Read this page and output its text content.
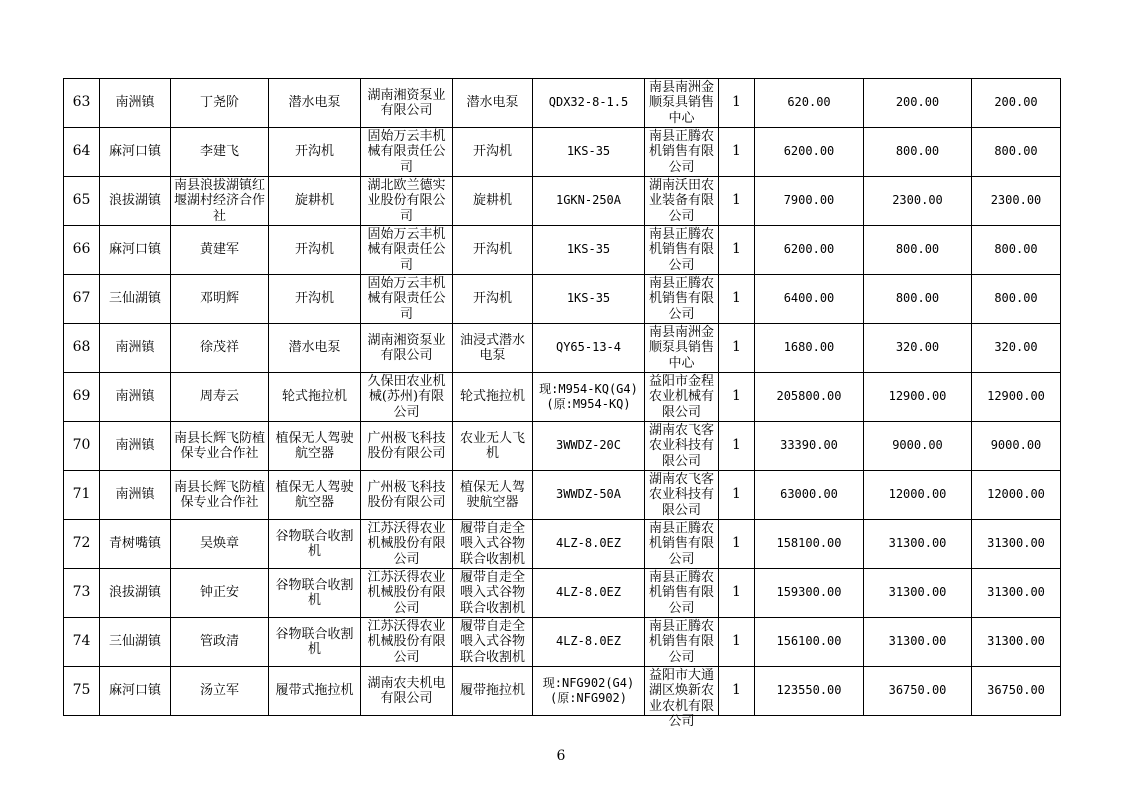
63	南洲镇	丁尧阶	潜水电泵	湖南湘资泵业有限公司	潜水电泵	QDX32-8-1.5	南县南洲金顺泵具销售中心	1	620.00	200.00	200.00

64	麻河口镇	李建飞	开沟机	固始万云丰机械有限责任公司	开沟机	1KS-35	南县正腾农机销售有限公司	1	6200.00	800.00	800.00

65	浪拔湖镇	南县浪拔湖镇红堰湖村经济合作社	旋耕机	湖北欧兰德实业股份有限公司	旋耕机	1GKN-250A	湖南沃田农业装备有限公司	1	7900.00	2300.00	2300.00

66	麻河口镇	黄建军	开沟机	固始万云丰机械有限责任公司	开沟机	1KS-35	南县正腾农机销售有限公司	1	6200.00	800.00	800.00

67	三仙湖镇	邓明辉	开沟机	固始万云丰机械有限责任公司	开沟机	1KS-35	南县正腾农机销售有限公司	1	6400.00	800.00	800.00

68	南洲镇	徐茂祥	潜水电泵	湖南湘资泵业有限公司	油浸式潜水电泵	QY65-13-4	南县南洲金顺泵具销售中心	1	1680.00	320.00	320.00

69	南洲镇	周寿云	轮式拖拉机	久保田农业机械(苏州)有限公司	轮式拖拉机	现:M954-KQ(G4)(原:M954-KQ)	益阳市金程农业机械有限公司	1	205800.00	12900.00	12900.00

70	南洲镇	南县长辉飞防植保专业合作社	植保无人驾驶航空器	广州极飞科技股份有限公司	农业无人飞机	3WWDZ-20C	湖南农飞客农业科技有限公司	1	33390.00	9000.00	9000.00

71	南洲镇	南县长辉飞防植保专业合作社	植保无人驾驶航空器	广州极飞科技股份有限公司	植保无人驾驶航空器	3WWDZ-50A	湖南农飞客农业科技有限公司	1	63000.00	12000.00	12000.00

72	青树嘴镇	吴焕章	谷物联合收割机	江苏沃得农业机械股份有限公司	履带自走全喂入式谷物联合收割机	4LZ-8.0EZ	南县正腾农机销售有限公司	1	158100.00	31300.00	31300.00

73	浪拔湖镇	钟正安	谷物联合收割机	江苏沃得农业机械股份有限公司	履带自走全喂入式谷物联合收割机	4LZ-8.0EZ	南县正腾农机销售有限公司	1	159300.00	31300.00	31300.00

74	三仙湖镇	管政清	谷物联合收割机	江苏沃得农业机械股份有限公司	履带自走全喂入式谷物联合收割机	4LZ-8.0EZ	南县正腾农机销售有限公司	1	156100.00	31300.00	31300.00

75	麻河口镇	汤立军	履带式拖拉机	湖南农夫机电有限公司	履带拖拉机	现:NFG902(G4)(原:NFG902)	益阳市大通湖区焕新农业农机有限公司	1	123550.00	36750.00	36750.00
6
